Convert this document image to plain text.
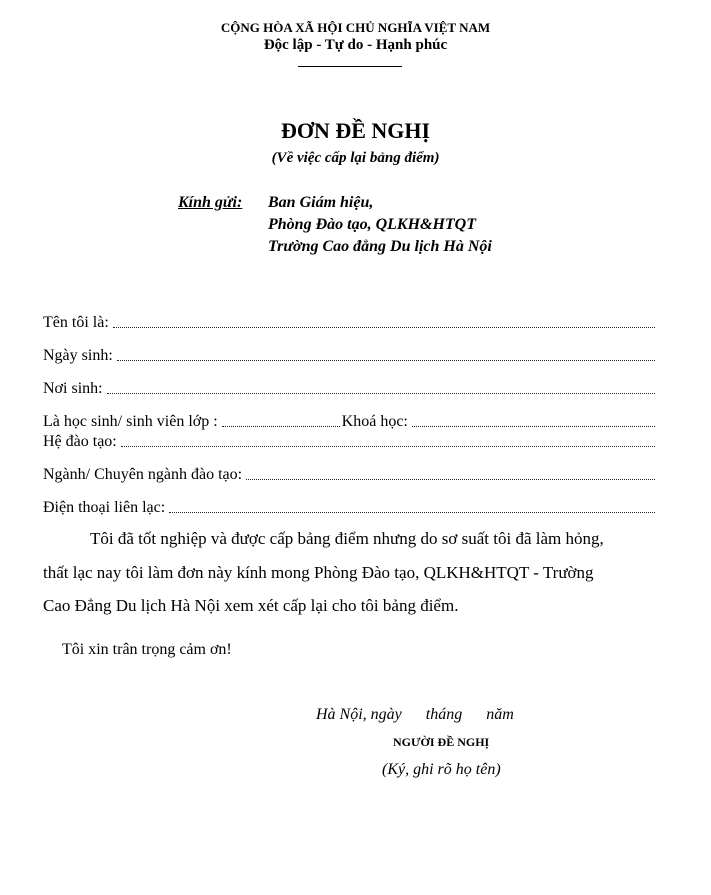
CỘNG HÒA XÃ HỘI CHỦ NGHĨA VIỆT NAM
Độc lập - Tự do - Hạnh phúc
ĐƠN ĐỀ NGHỊ
(Về việc cấp lại bảng điểm)
Kính gửi: Ban Giám hiệu,
Phòng Đào tạo, QLKH&HTQT
Trường Cao đẳng Du lịch Hà Nội
Tên tôi là:
Ngày sinh:
Nơi sinh:
Là học sinh/ sinh viên lớp :	Khoá học:
Hệ đào tạo:
Ngành/ Chuyên ngành đào tạo:
Điện thoại liên lạc:
Tôi đã tốt nghiệp và được cấp bảng điểm nhưng do sơ suất tôi đã làm hỏng,
thất lạc nay tôi làm đơn này kính mong Phòng Đào tạo, QLKH&HTQT - Trường
Cao Đẳng Du lịch Hà Nội xem xét cấp lại cho tôi bảng điểm.
Tôi xin trân trọng cảm ơn!
Hà Nội, ngày      tháng      năm
NGƯỜI ĐỀ NGHỊ
(Ký, ghi rõ họ tên)
